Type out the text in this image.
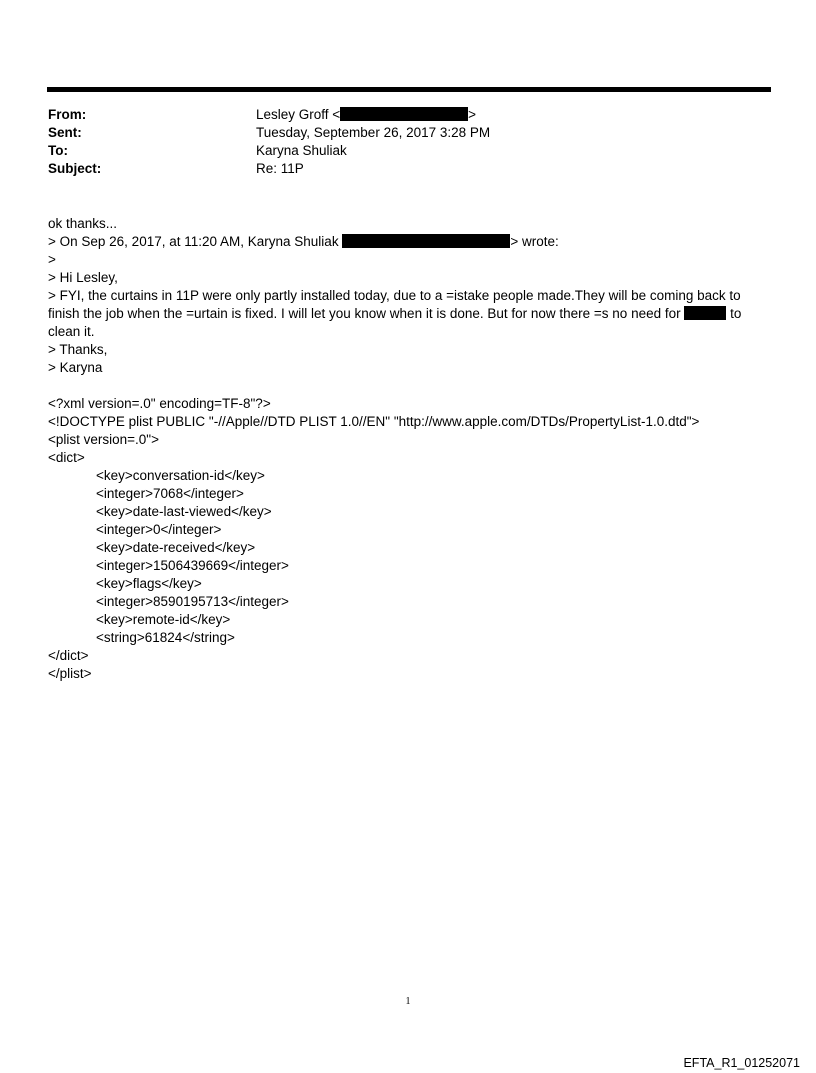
From:	Lesley Groff <	>
Sent:	Tuesday, September 26, 2017 3:28 PM
To:	Karyna Shuliak
Subject:	Re: 11P
ok thanks...
> On Sep 26, 2017, at 11:20 AM, Karyna Shuliak	> wrote:
>
> Hi Lesley,
> FYI, the curtains in 11P were only partly installed today, due to a =istake people made.They will be coming back to finish the job when the =urtain is fixed. I will let you know when it is done. But for now there =s no need for	to clean it.
> Thanks,
> Karyna
<?xml version=.0" encoding=TF-8"?>
<!DOCTYPE plist PUBLIC "-//Apple//DTD PLIST 1.0//EN" "http://www.apple.com/DTDs/PropertyList-1.0.dtd">
<plist version=.0">
<dict>
<key>conversation-id</key>
<integer>7068</integer>
<key>date-last-viewed</key>
<integer>0</integer>
<key>date-received</key>
<integer>1506439669</integer>
<key>flags</key>
<integer>8590195713</integer>
<key>remote-id</key>
<string>61824</string>
</dict>
</plist>
1
EFTA_R1_01252071
